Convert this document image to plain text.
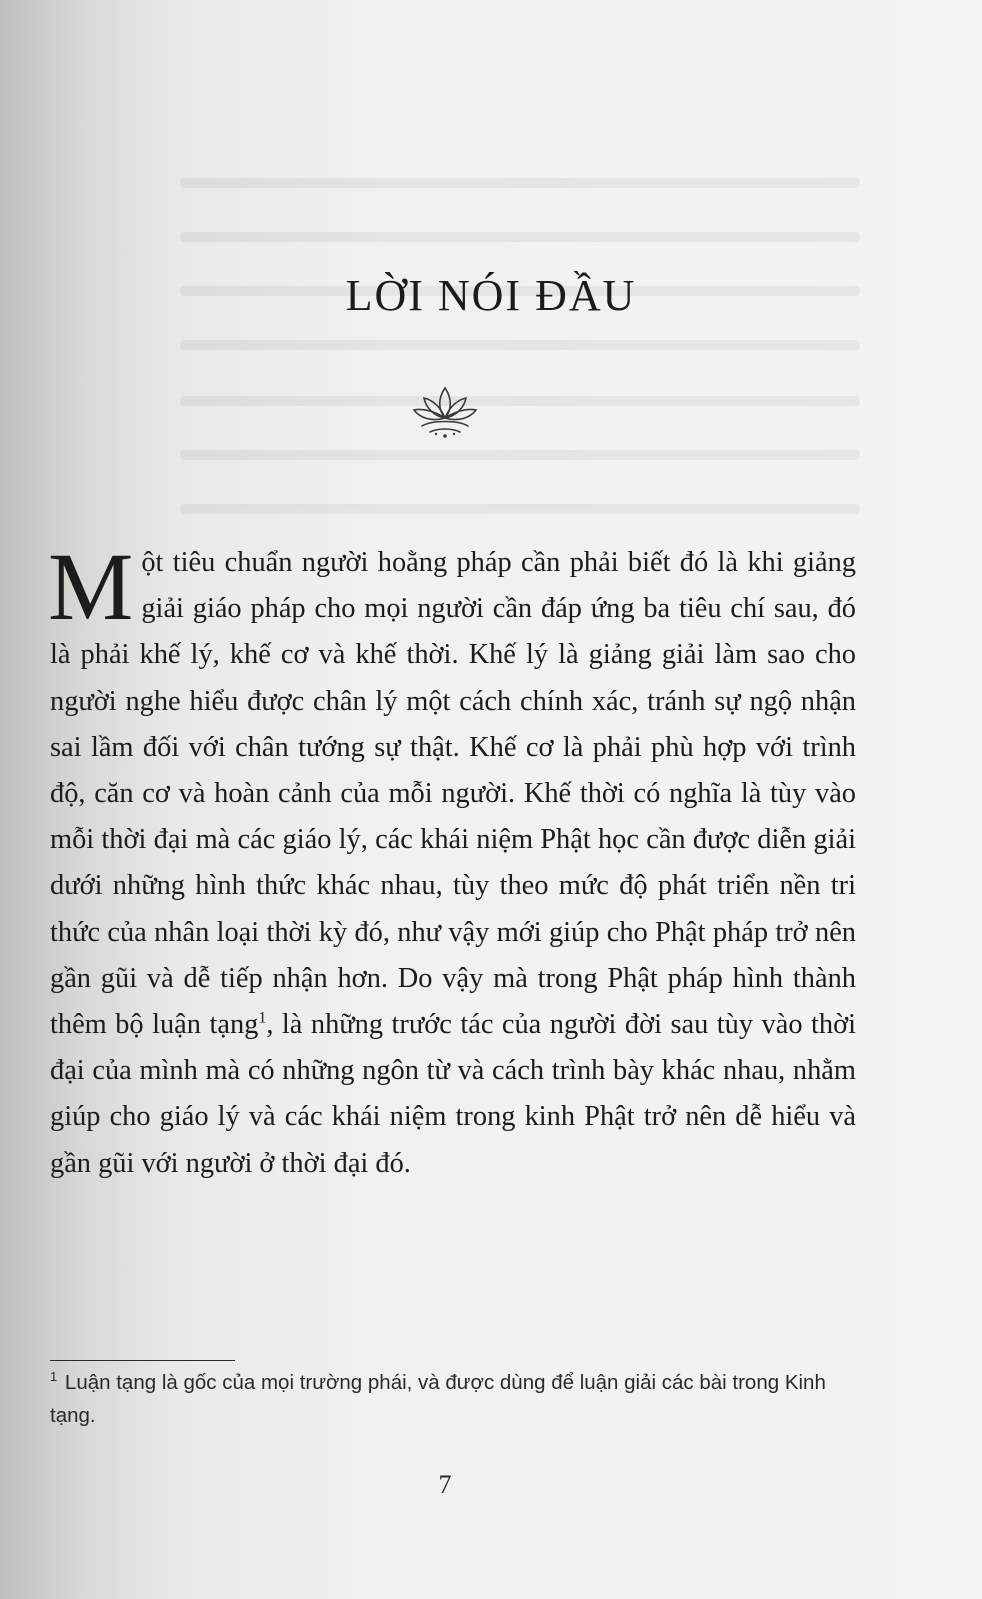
LỜI NÓI ĐẦU

Một tiêu chuẩn người hoằng pháp cần phải biết đó là khi giảng giải giáo pháp cho mọi người cần đáp ứng ba tiêu chí sau, đó là phải khế lý, khế cơ và khế thời. Khế lý là giảng giải làm sao cho người nghe hiểu được chân lý một cách chính xác, tránh sự ngộ nhận sai lầm đối với chân tướng sự thật. Khế cơ là phải phù hợp với trình độ, căn cơ và hoàn cảnh của mỗi người. Khế thời có nghĩa là tùy vào mỗi thời đại mà các giáo lý, các khái niệm Phật học cần được diễn giải dưới những hình thức khác nhau, tùy theo mức độ phát triển nền tri thức của nhân loại thời kỳ đó, như vậy mới giúp cho Phật pháp trở nên gần gũi và dễ tiếp nhận hơn. Do vậy mà trong Phật pháp hình thành thêm bộ luận tạng$^1$, là những trước tác của người đời sau tùy vào thời đại của mình mà có những ngôn từ và cách trình bày khác nhau, nhằm giúp cho giáo lý và các khái niệm trong kinh Phật trở nên dễ hiểu và gần gũi với người ở thời đại đó.

$^1$ Luận tạng là gốc của mọi trường phái, và được dùng để luận giải các bài trong Kinh tạng.

7
